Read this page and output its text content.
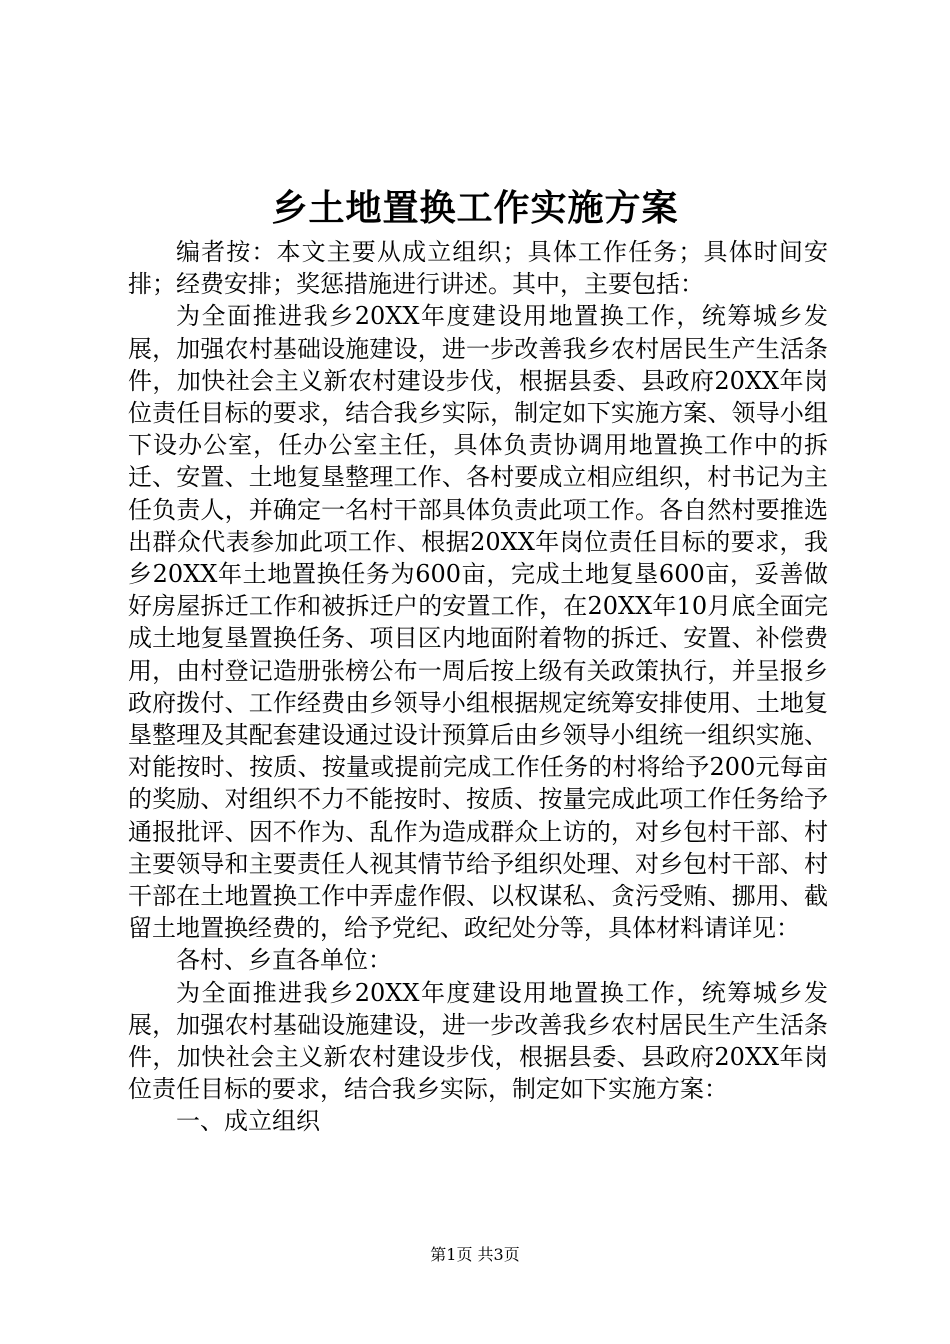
乡土地置换工作实施方案

编者按：本文主要从成立组织；具体工作任务；具体时间安排；经费安排；奖惩措施进行讲述。其中，主要包括：

为全面推进我乡20XX年度建设用地置换工作，统筹城乡发展，加强农村基础设施建设，进一步改善我乡农村居民生产生活条件，加快社会主义新农村建设步伐，根据县委、县政府20XX年岗位责任目标的要求，结合我乡实际，制定如下实施方案、领导小组下设办公室，任办公室主任，具体负责协调用地置换工作中的拆迁、安置、土地复垦整理工作、各村要成立相应组织，村书记为主任负责人，并确定一名村干部具体负责此项工作。各自然村要推选出群众代表参加此项工作、根据20XX年岗位责任目标的要求，我乡20XX年土地置换任务为600亩，完成土地复垦600亩，妥善做好房屋拆迁工作和被拆迁户的安置工作，在20XX年10月底全面完成土地复垦置换任务、项目区内地面附着物的拆迁、安置、补偿费用，由村登记造册张榜公布一周后按上级有关政策执行，并呈报乡政府拨付、工作经费由乡领导小组根据规定统筹安排使用、土地复垦整理及其配套建设通过设计预算后由乡领导小组统一组织实施、对能按时、按质、按量或提前完成工作任务的村将给予200元每亩的奖励、对组织不力不能按时、按质、按量完成此项工作任务给予通报批评、因不作为、乱作为造成群众上访的，对乡包村干部、村主要领导和主要责任人视其情节给予组织处理、对乡包村干部、村干部在土地置换工作中弄虚作假、以权谋私、贪污受贿、挪用、截留土地置换经费的，给予党纪、政纪处分等，具体材料请详见：

各村、乡直各单位：

为全面推进我乡20XX年度建设用地置换工作，统筹城乡发展，加强农村基础设施建设，进一步改善我乡农村居民生产生活条件，加快社会主义新农村建设步伐，根据县委、县政府20XX年岗位责任目标的要求，结合我乡实际，制定如下实施方案：

一、成立组织

第1页 共3页
